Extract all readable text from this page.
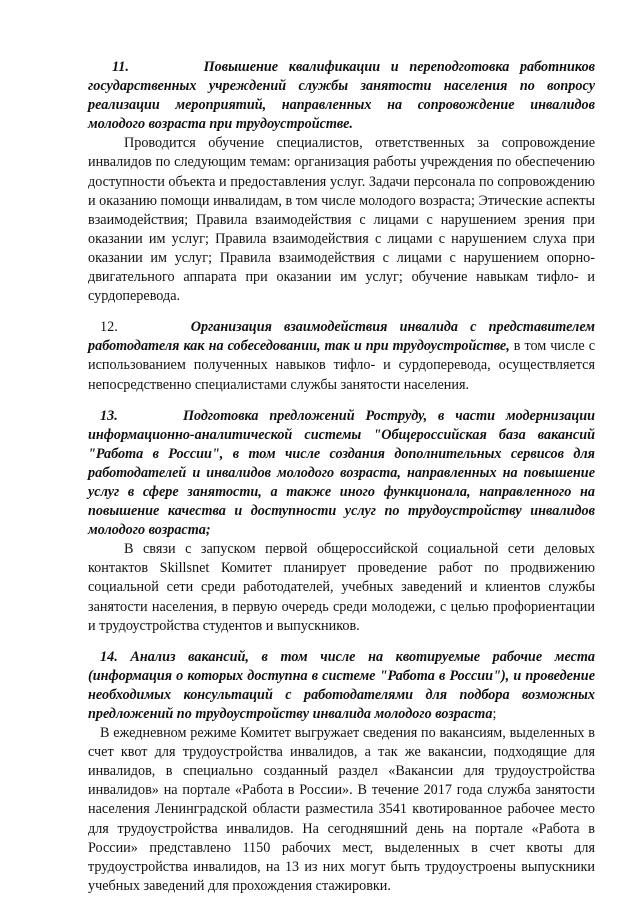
11.	Повышение квалификации и переподготовка работников государственных учреждений службы занятости населения по вопросу реализации мероприятий, направленных на сопровождение инвалидов молодого возраста при трудоустройстве.

Проводится обучение специалистов, ответственных за сопровождение инвалидов по следующим темам: организация работы учреждения по обеспечению доступности объекта и предоставления услуг. Задачи персонала по сопровождению и оказанию помощи инвалидам, в том числе молодого возраста; Этические аспекты взаимодействия; Правила взаимодействия с лицами с нарушением зрения при оказании им услуг; Правила взаимодействия с лицами с нарушением слуха при оказании им услуг; Правила взаимодействия с лицами с нарушением опорно-двигательного аппарата при оказании им услуг; обучение навыкам тифло- и сурдоперевода.

12.	Организация взаимодействия инвалида с представителем работодателя как на собеседовании, так и при трудоустройстве, в том числе с использованием полученных навыков тифло- и сурдоперевода, осуществляется непосредственно специалистами службы занятости населения.

13.	Подготовка предложений Роструду, в части модернизации информационно-аналитической системы "Общероссийская база вакансий "Работа в России", в том числе создания дополнительных сервисов для работодателей и инвалидов молодого возраста, направленных на повышение услуг в сфере занятости, а также иного функционала, направленного на повышение качества и доступности услуг по трудоустройству инвалидов молодого возраста;

В связи с запуском первой общероссийской социальной сети деловых контактов Skillsnet Комитет планирует проведение работ по продвижению социальной сети среди работодателей, учебных заведений и клиентов службы занятости населения, в первую очередь среди молодежи, с целью профориентации и трудоустройства студентов и выпускников.

14. Анализ вакансий, в том числе на квотируемые рабочие места (информация о которых доступна в системе "Работа в России"), и проведение необходимых консультаций с работодателями для подбора возможных предложений по трудоустройству инвалида молодого возраста;

В ежедневном режиме Комитет выгружает сведения по вакансиям, выделенных в счет квот для трудоустройства инвалидов, а так же вакансии, подходящие для инвалидов, в специально созданный раздел «Вакансии для трудоустройства инвалидов» на портале «Работа в России». В течение 2017 года служба занятости населения Ленинградской области разместила 3541 квотированное рабочее место для трудоустройства инвалидов. На сегодняшний день на портале «Работа в России» представлено 1150 рабочих мест, выделенных в счет квоты для трудоустройства инвалидов, на 13 из них могут быть трудоустроены выпускники учебных заведений для прохождения стажировки.
